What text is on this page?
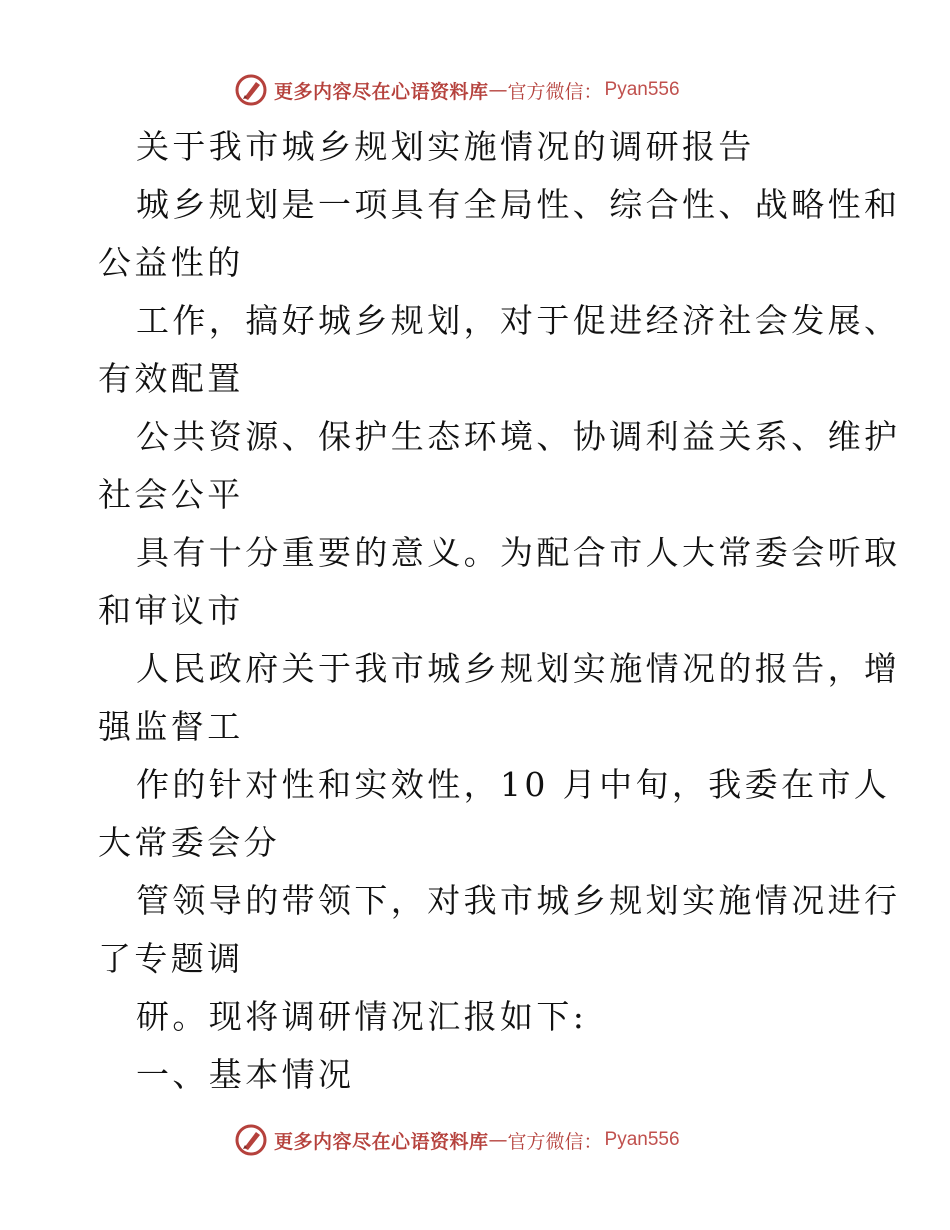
更多内容尽在心语资料库 — 官方微信： Pyan556
关于我市城乡规划实施情况的调研报告
城乡规划是一项具有全局性、综合性、战略性和
公益性的
工作，搞好城乡规划，对于促进经济社会发展、
有效配置
公共资源、保护生态环境、协调利益关系、维护
社会公平
具有十分重要的意义。为配合市人大常委会听取
和审议市
人民政府关于我市城乡规划实施情况的报告，增
强监督工
作的针对性和实效性，10 月中旬，我委在市人
大常委会分
管领导的带领下，对我市城乡规划实施情况进行
了专题调
研。现将调研情况汇报如下:
一、基本情况
更多内容尽在心语资料库 — 官方微信： Pyan556
